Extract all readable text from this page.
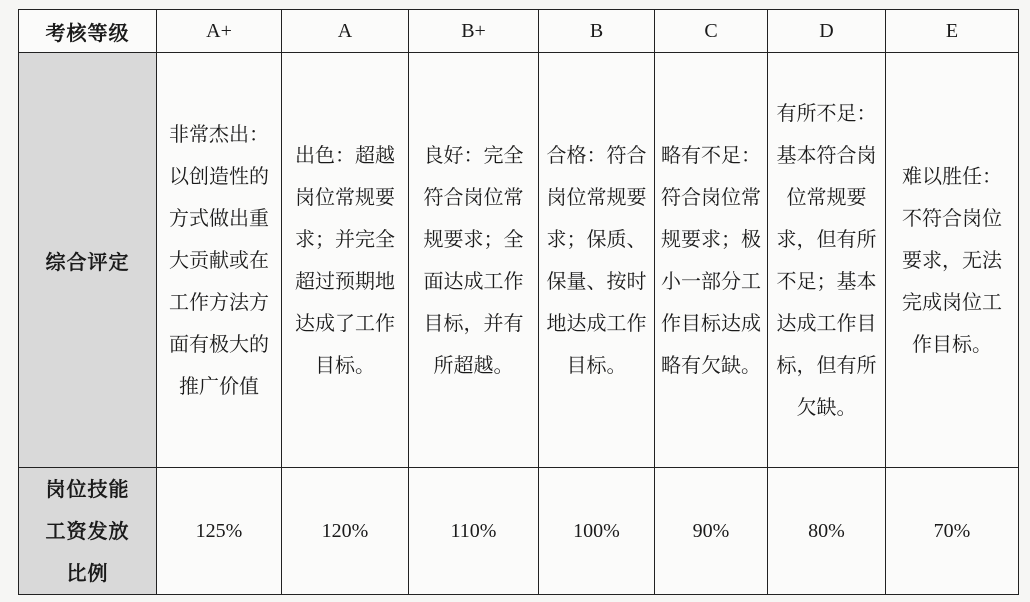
考核等级	A+	A	B+	B	C	D	E
综合评定	非常杰出：以创造性的方式做出重大贡献或在工作方法方面有极大的推广价值	出色：超越岗位常规要求；并完全超过预期地达成了工作目标。	良好：完全符合岗位常规要求；全面达成工作目标，并有所超越。	合格：符合岗位常规要求；保质、保量、按时地达成工作目标。	略有不足：符合岗位常规要求；极小一部分工作目标达成略有欠缺。	有所不足：基本符合岗位常规要求，但有所不足；基本达成工作目标，但有所欠缺。	难以胜任：不符合岗位要求，无法完成岗位工作目标。
岗位技能工资发放比例	125%	120%	110%	100%	90%	80%	70%
